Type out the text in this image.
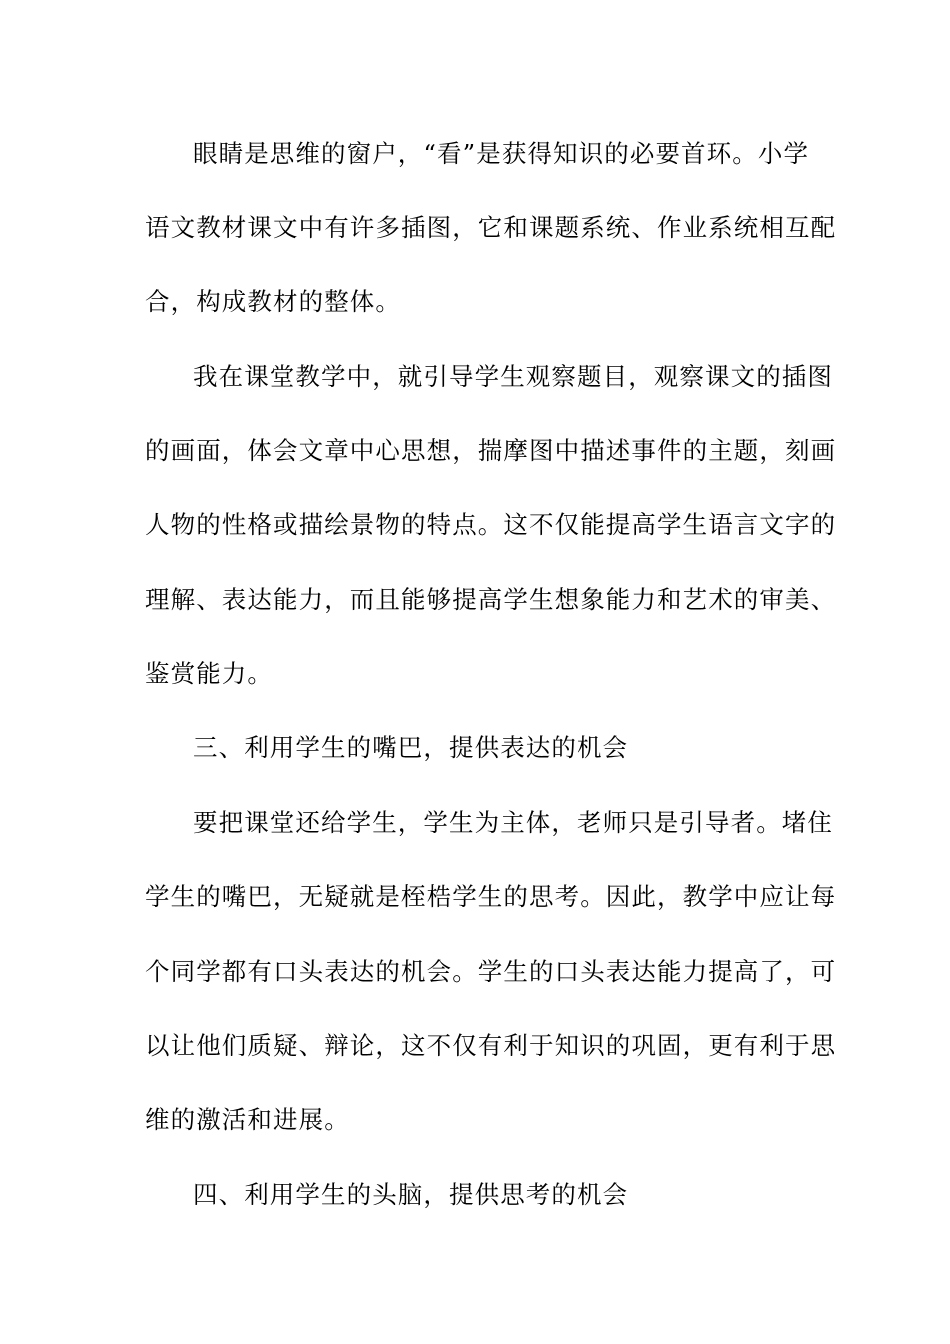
眼睛是思维的窗户，“看”是获得知识的必要首环。小学
语文教材课文中有许多插图，它和课题系统、作业系统相互配
合，构成教材的整体。
我在课堂教学中，就引导学生观察题目，观察课文的插图
的画面，体会文章中心思想，揣摩图中描述事件的主题，刻画
人物的性格或描绘景物的特点。这不仅能提高学生语言文字的
理解、表达能力，而且能够提高学生想象能力和艺术的审美、
鉴赏能力。
三、利用学生的嘴巴，提供表达的机会
要把课堂还给学生，学生为主体，老师只是引导者。堵住
学生的嘴巴，无疑就是桎梏学生的思考。因此，教学中应让每
个同学都有口头表达的机会。学生的口头表达能力提高了，可
以让他们质疑、辩论，这不仅有利于知识的巩固，更有利于思
维的激活和进展。
四、利用学生的头脑，提供思考的机会
